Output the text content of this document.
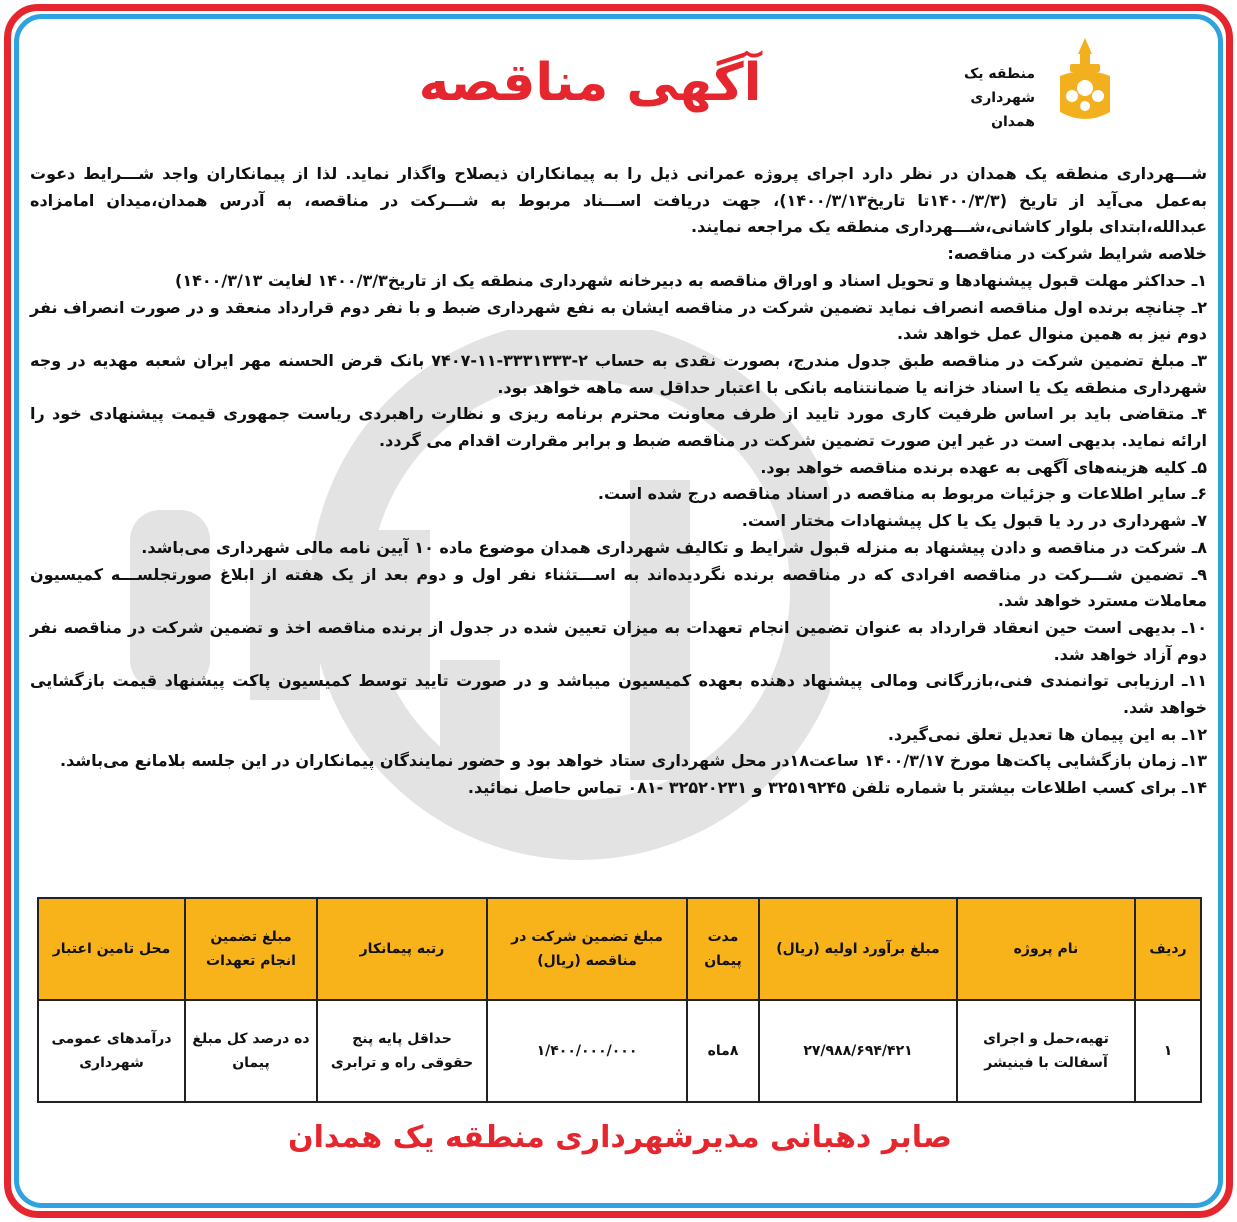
منطقه یک
شهرداری همدان
آگهی مناقصه

شـــهرداری منطقه یک همدان در نظر دارد اجرای پروژه عمرانی ذیل را به پیمانکاران ذیصلاح واگذار نماید. لذا از پیمانکاران واجد شـــرایط دعوت به‌عمل می‌آید از تاریخ (۱۴۰۰/۳/۳تا تاریخ۱۴۰۰/۳/۱۳)، جهت دریافت اســـناد مربوط به شـــرکت در مناقصه، به آدرس همدان،میدان امامزاده عبدالله،ابتدای بلوار کاشانی،شـــهرداری منطقه یک مراجعه نمایند.

خلاصه شرایط شرکت در مناقصه:

۱ـ حداکثر مهلت قبول پیشنهادها و تحویل اسناد و اوراق مناقصه به دبیرخانه شهرداری منطقه یک از تاریخ۱۴۰۰/۳/۳ لغایت ۱۴۰۰/۳/۱۳)

۲ـ چنانچه برنده اول مناقصه انصراف نماید تضمین شرکت در مناقصه ایشان به نفع شهرداری ضبط و با نفر دوم قرارداد منعقد و در صورت انصراف نفر دوم نیز به همین منوال عمل خواهد شد.

۳ـ مبلغ تضمین شرکت در مناقصه طبق جدول مندرج، بصورت نقدی به حساب ۲-۳۳۳۱۳۳۳-۱۱-۷۴۰۷ بانک قرض الحسنه مهر ایران شعبه مهدیه در وجه شهرداری منطقه یک یا اسناد خزانه یا ضمانتنامه بانکی با اعتبار حداقل سه ماهه خواهد بود.

۴ـ متقاضی باید بر اساس ظرفیت کاری مورد تایید از طرف معاونت محترم برنامه ریزی و نظارت راهبردی ریاست جمهوری قیمت پیشنهادی خود را ارائه نماید. بدیهی است در غیر این صورت تضمین شرکت در مناقصه ضبط و برابر مقرارت اقدام می گردد.

۵ـ کلیه هزینه‌های آگهی به عهده برنده مناقصه خواهد بود.

۶ـ سایر اطلاعات و جزئیات مربوط به مناقصه در اسناد مناقصه درج شده است.

۷ـ شهرداری در رد یا قبول یک یا کل پیشنهادات مختار است.

۸ـ شرکت در مناقصه و دادن پیشنهاد به منزله قبول شرایط و تکالیف شهرداری همدان موضوع ماده ۱۰ آیین نامه مالی شهرداری می‌باشد.

۹ـ تضمین شـــرکت در مناقصه افرادی که در مناقصه برنده نگردیده‌اند به اســـتثناء نفر اول و دوم بعد از یک هفته از ابلاغ صورتجلســـه کمیسیون معاملات مسترد خواهد شد.

۱۰ـ بدیهی است حین انعقاد قرارداد به عنوان تضمین انجام تعهدات به میزان تعیین شده در جدول از برنده مناقصه اخذ و تضمین شرکت در مناقصه نفر دوم آزاد خواهد شد.

۱۱ـ ارزیابی توانمندی فنی،بازرگانی ومالی پیشنهاد دهنده بعهده کمیسیون میباشد و در صورت تایید توسط کمیسیون پاکت پیشنهاد قیمت بازگشایی خواهد شد.

۱۲ـ به این پیمان ها تعدیل تعلق نمی‌گیرد.

۱۳ـ زمان بازگشایی پاکت‌ها مورخ ۱۴۰۰/۳/۱۷ ساعت۱۸در محل شهرداری ستاد خواهد بود و حضور نمایندگان پیمانکاران در این جلسه بلامانع می‌باشد.

۱۴ـ برای کسب اطلاعات بیشتر با شماره تلفن ۳۲۵۱۹۲۴۵ و ۳۲۵۲۰۲۳۱ -۰۸۱ تماس حاصل نمائید.

ردیف	نام پروژه	مبلغ برآورد اولیه (ریال)	مدت پیمان	مبلغ تضمین شرکت در مناقصه (ریال)	رتبه پیمانکار	مبلغ تضمین انجام تعهدات	محل تامین اعتبار
۱	تهیه،حمل و اجرای آسفالت با فینیشر	۲۷/۹۸۸/۶۹۴/۴۲۱	۸ماه	۱/۴۰۰/۰۰۰/۰۰۰	حداقل پایه پنج حقوقی راه و ترابری	ده درصد کل مبلغ پیمان	درآمدهای عمومی شهرداری
صابر دهبانی مدیرشهرداری منطقه یک همدان
